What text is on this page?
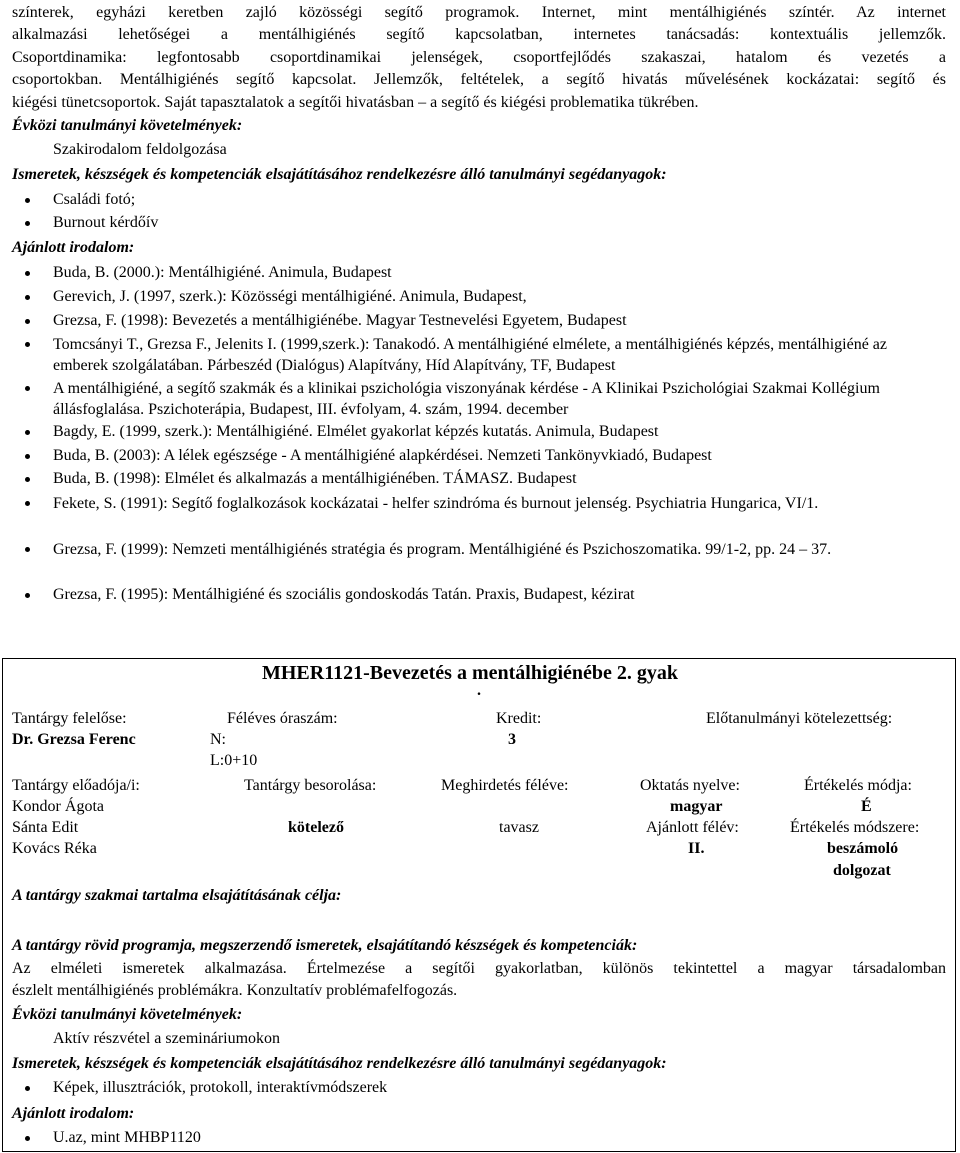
színterek, egyházi keretben zajló közösségi segítő programok. Internet, mint mentálhigiénés színtér. Az internet
alkalmazási lehetőségei a mentálhigiénés segítő kapcsolatban, internetes tanácsadás: kontextuális jellemzők.
Csoportdinamika: legfontosabb csoportdinamikai jelenségek, csoportfejlődés szakaszai, hatalom és vezetés a
csoportokban. Mentálhigiénés segítő kapcsolat. Jellemzők, feltételek, a segítő hivatás művelésének kockázatai: segítő és
kiégési tünetcsoportok. Saját tapasztalatok a segítői hivatásban – a segítő és kiégési problematika tükrében.
Évközi tanulmányi követelmények:
Szakirodalom feldolgozása
Ismeretek, készségek és kompetenciák elsajátításához rendelkezésre álló tanulmányi segédanyagok:
Családi fotó;
Burnout kérdőív
Ajánlott irodalom:
Buda, B. (2000.): Mentálhigiéné. Animula, Budapest
Gerevich, J. (1997, szerk.): Közösségi mentálhigiéné. Animula, Budapest,
Grezsa, F. (1998): Bevezetés a mentálhigiénébe. Magyar Testnevelési Egyetem, Budapest
Tomcsányi T., Grezsa F., Jelenits I. (1999,szerk.): Tanakodó. A mentálhigiéné elmélete, a mentálhigiénés képzés, mentálhigiéné az emberek szolgálatában. Párbeszéd (Dialógus) Alapítvány, Híd Alapítvány, TF, Budapest
A mentálhigiéné, a segítő szakmák és a klinikai pszichológia viszonyának kérdése - A Klinikai Pszichológiai Szakmai Kollégium állásfoglalása. Pszichoterápia, Budapest, III. évfolyam, 4. szám, 1994. december
Bagdy, E. (1999, szerk.): Mentálhigiéné. Elmélet gyakorlat képzés kutatás. Animula, Budapest
Buda, B. (2003): A lélek egészsége - A mentálhigiéné alapkérdései. Nemzeti Tankönyvkiadó, Budapest
Buda, B. (1998): Elmélet és alkalmazás a mentálhigiénében. TÁMASZ. Budapest
Fekete, S. (1991): Segítő foglalkozások kockázatai - helfer szindróma és burnout jelenség. Psychiatria Hungarica, VI/1.
Grezsa, F. (1999): Nemzeti mentálhigiénés stratégia és program. Mentálhigiéné és Pszichoszomatika. 99/1-2, pp. 24 – 37.
Grezsa, F. (1995): Mentálhigiéné és szociális gondoskodás Tatán. Praxis, Budapest, kézirat
MHER1121-Bevezetés a mentálhigiénébe 2. gyak
.
Tantárgy felelőse:
Dr. Grezsa Ferenc
Féléves óraszám:
N:
L:0+10
Kredit:
3
Előtanulmányi kötelezettség:
Tantárgy előadója/i:
Kondor Ágota
Sánta Edit
Kovács Réka
Tantárgy besorolása:
kötelező
Meghirdetés féléve:
tavasz
Oktatás nyelve:
magyar
Ajánlott félév:
II.
Értékelés módja:
É
Értékelés módszere:
beszámoló
dolgozat
A tantárgy szakmai tartalma elsajátításának célja:
A tantárgy rövid programja, megszerzendő ismeretek, elsajátítandó készségek és kompetenciák:
Az elméleti ismeretek alkalmazása. Értelmezése a segítői gyakorlatban, különös tekintettel a magyar társadalomban
észlelt mentálhigiénés problémákra. Konzultatív problémafelfogozás.
Évközi tanulmányi követelmények:
Aktív részvétel a szemináriumokon
Ismeretek, készségek és kompetenciák elsajátításához rendelkezésre álló tanulmányi segédanyagok:
Képek, illusztrációk, protokoll, interaktívmódszerek
Ajánlott irodalom:
U.az, mint MHBP1120
